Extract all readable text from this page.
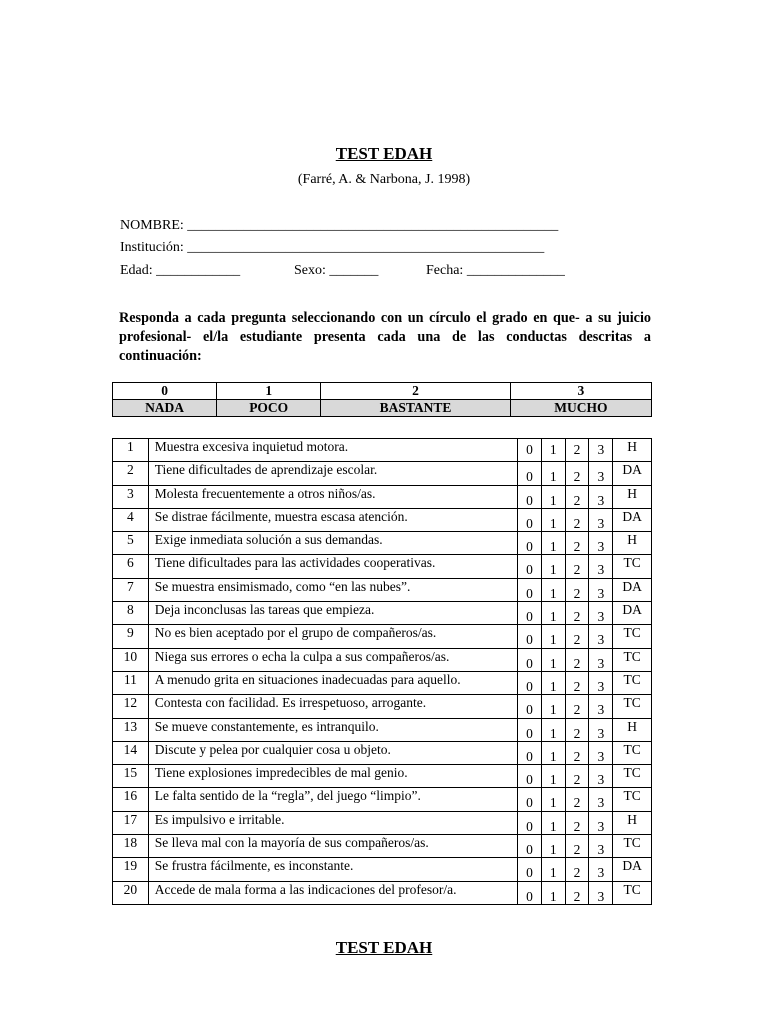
TEST EDAH
(Farré, A. & Narbona, J. 1998)
NOMBRE: _____________________________________________________
Institución: ___________________________________________________
Edad: ____________	Sexo: _______	Fecha: ______________
Responda a cada pregunta seleccionando con un círculo el grado en que- a su juicio profesional- el/la estudiante presenta cada una de las conductas descritas a continuación:
0	1	2	3
NADA	POCO	BASTANTE	MUCHO
1	Muestra excesiva inquietud motora.	0	1	2	3	H
2	Tiene dificultades de aprendizaje escolar.	0	1	2	3	DA
3	Molesta frecuentemente a otros niños/as.	0	1	2	3	H
4	Se distrae fácilmente, muestra escasa atención.	0	1	2	3	DA
5	Exige inmediata solución a sus demandas.	0	1	2	3	H
6	Tiene dificultades para las actividades cooperativas.	0	1	2	3	TC
7	Se muestra ensimismado, como “en las nubes”.	0	1	2	3	DA
8	Deja inconclusas las tareas que empieza.	0	1	2	3	DA
9	No es bien aceptado por el grupo de compañeros/as.	0	1	2	3	TC
10	Niega sus errores o echa la culpa a sus compañeros/as.	0	1	2	3	TC
11	A menudo grita en situaciones inadecuadas para aquello.	0	1	2	3	TC
12	Contesta con facilidad. Es irrespetuoso, arrogante.	0	1	2	3	TC
13	Se mueve constantemente, es intranquilo.	0	1	2	3	H
14	Discute y pelea por cualquier cosa u objeto.	0	1	2	3	TC
15	Tiene explosiones impredecibles de mal genio.	0	1	2	3	TC
16	Le falta sentido de la “regla”, del juego “limpio”.	0	1	2	3	TC
17	Es impulsivo e irritable.	0	1	2	3	H
18	Se lleva mal con la mayoría de sus compañeros/as.	0	1	2	3	TC
19	Se frustra fácilmente, es inconstante.	0	1	2	3	DA
20	Accede de mala forma a las indicaciones del profesor/a.	0	1	2	3	TC
TEST EDAH
